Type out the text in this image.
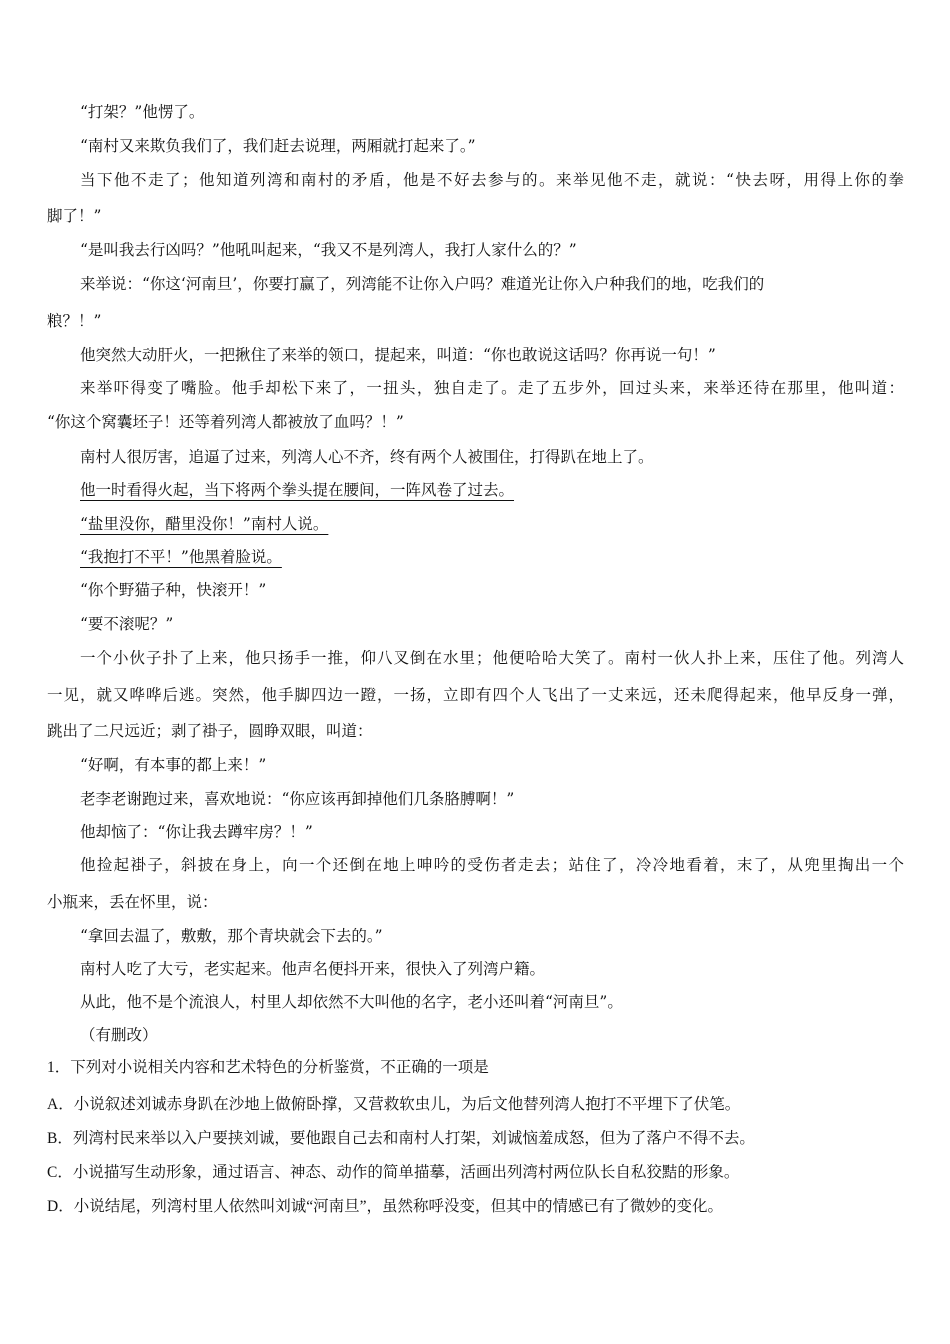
“打架？”他愣了。
“南村又来欺负我们了，我们赶去说理，两厢就打起来了。”
当下他不走了；他知道列湾和南村的矛盾，他是不好去参与的。来举见他不走，就说：“快去呀，用得上你的拳
脚了！”
“是叫我去行凶吗？”他吼叫起来，“我又不是列湾人，我打人家什么的？”
来举说：“你这‘河南旦’，你要打赢了，列湾能不让你入户吗？难道光让你入户种我们的地，吃我们的
粮？！”
他突然大动肝火，一把揪住了来举的领口，提起来，叫道：“你也敢说这话吗？你再说一句！”
来举吓得变了嘴脸。他手却松下来了，一扭头，独自走了。走了五步外，回过头来，来举还待在那里，他叫道：
“你这个窝囊坯子！还等着列湾人都被放了血吗？！”
南村人很厉害，追逼了过来，列湾人心不齐，终有两个人被围住，打得趴在地上了。
他一时看得火起，当下将两个拳头提在腰间，一阵风卷了过去。
“盐里没你，醋里没你！”南村人说。
“我抱打不平！”他黑着脸说。
“你个野猫子种，快滚开！”
“要不滚呢？”
一个小伙子扑了上来，他只扬手一推，仰八叉倒在水里；他便哈哈大笑了。南村一伙人扑上来，压住了他。列湾人
一见，就又哗哗后逃。突然，他手脚四边一蹬，一扬，立即有四个人飞出了一丈来远，还未爬得起来，他早反身一弹，
跳出了二尺远近；剥了褂子，圆睁双眼，叫道：
“好啊，有本事的都上来！”
老李老谢跑过来，喜欢地说：“你应该再卸掉他们几条胳膊啊！”
他却恼了：“你让我去蹲牢房？！”
他捡起褂子，斜披在身上，向一个还倒在地上呻吟的受伤者走去；站住了，冷冷地看着，末了，从兜里掏出一个
小瓶来，丢在怀里，说：
“拿回去温了，敷敷，那个青块就会下去的。”
南村人吃了大亏，老实起来。他声名便抖开来，很快入了列湾户籍。
从此，他不是个流浪人，村里人却依然不大叫他的名字，老小还叫着“河南旦”。
（有删改）
1．下列对小说相关内容和艺术特色的分析鉴赏，不正确的一项是
A．小说叙述刘诚赤身趴在沙地上做俯卧撑，又营救软虫儿，为后文他替列湾人抱打不平埋下了伏笔。
B．列湾村民来举以入户要挟刘诚，要他跟自己去和南村人打架，刘诚恼羞成怒，但为了落户不得不去。
C．小说描写生动形象，通过语言、神态、动作的简单描摹，活画出列湾村两位队长自私狡黠的形象。
D．小说结尾，列湾村里人依然叫刘诚“河南旦”，虽然称呼没变，但其中的情感已有了微妙的变化。
